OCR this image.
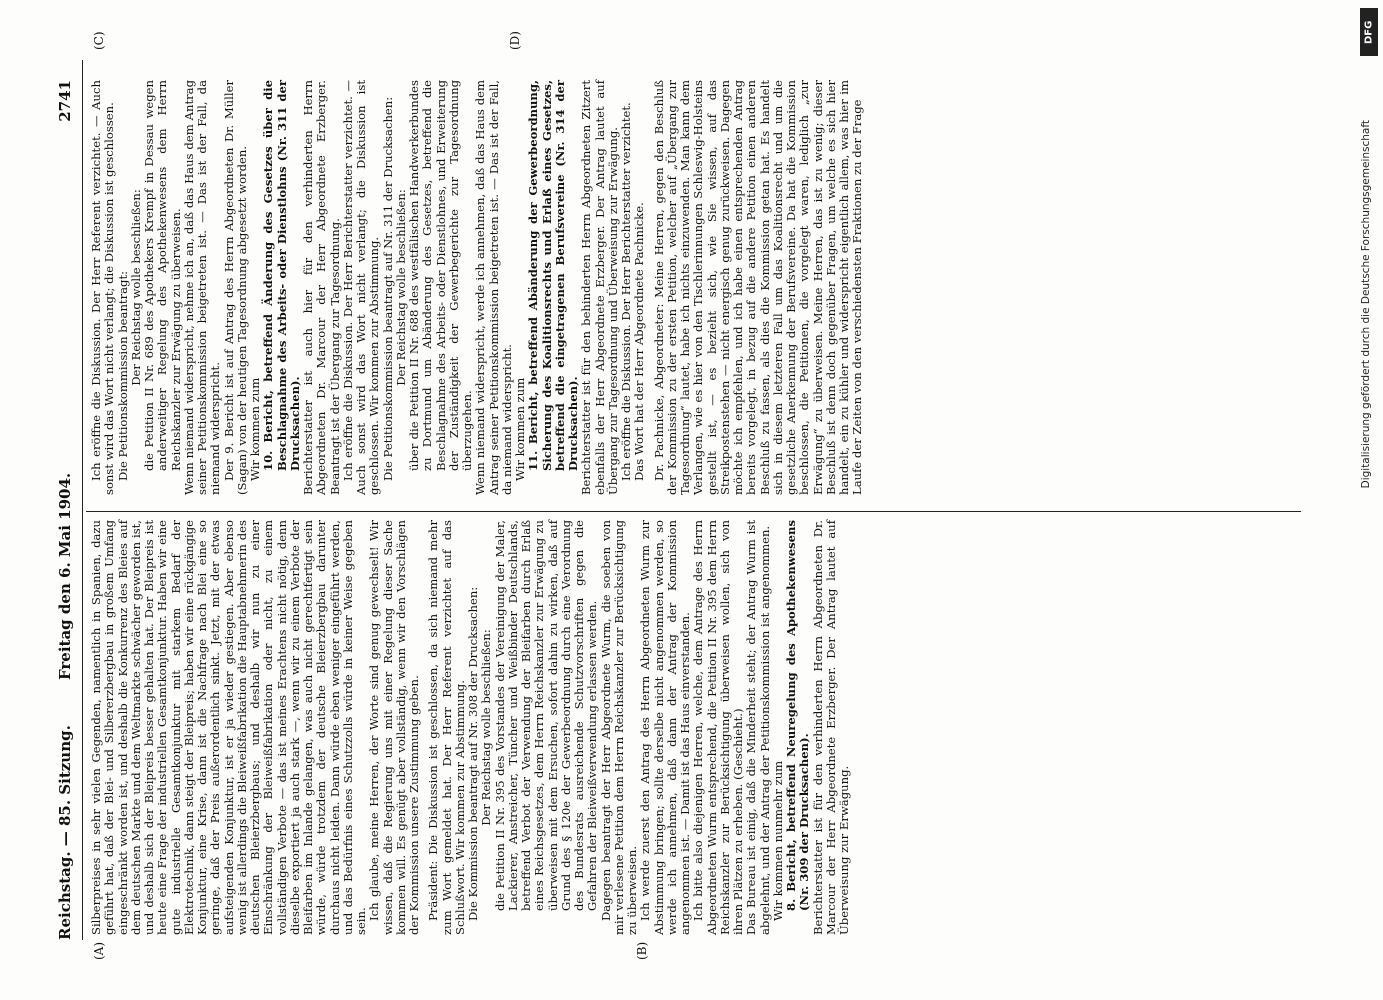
Reichstag. — 85. Sitzung.
Freitag den 6. Mai 1904.
2741
(A)	(B)
(C)	(D)

Silberpreises in sehr vielen Gegenden, namentlich in Spanien, dazu geführt hat, daß der Blei- und Silbererzbergbau in großem Umfang eingeschränkt worden ist, und deshalb die Konkurrenz des Bleies auf dem deutschen Markte und dem Weltmarkte schwächer geworden ist, und deshalb sich der Bleipreis besser gehalten hat. Der Bleipreis ist heute eine Frage der industriellen Gesamtkonjunktur. Haben wir eine gute industrielle Gesamtkonjunktur mit starkem Bedarf der Elektrotechnik, dann steigt der Bleipreis; haben wir eine rückgängige Konjunktur, eine Krise, dann ist die Nachfrage nach Blei eine so geringe, daß der Preis außerordentlich sinkt. Jetzt, mit der etwas aufsteigenden Konjunktur, ist er ja wieder gestiegen. Aber ebenso wenig ist allerdings die Bleiweißfabrikation die Hauptabnehmerin des deutschen Bleierzbergbaus; und deshalb wir nun zu einer Einschränkung der Bleiweißfabrikation oder nicht, zu einem vollständigen Verbote — das ist meines Erachtens nicht nötig, denn dieselbe exportiert ja auch stark —, wenn wir zu einem Verbote der Bleifarben im Inlande gelangen, was auch nicht gerechtfertigt sein würde, würde trotzdem der deutsche Bleierzbergbau darunter durchaus nicht leiden. Dann würde eben weniger eingeführt werden, und das Bedürfnis eines Schutzzolls würde in keiner Weise gegeben sein.

Ich glaube, meine Herren, der Worte sind genug gewechselt! Wir wissen, daß die Regierung uns mit einer Regelung dieser Sache kommen will. Es genügt aber vollständig, wenn wir den Vorschlägen der Kommission unsere Zustimmung geben. Präsident: Die Diskussion ist geschlossen, da sich niemand mehr zum Wort gemeldet hat. Der Herr Referent verzichtet auf das Schlußwort. Wir kommen zur Abstimmung. Die Kommission beantragt auf Nr. 308 der Drucksachen: Der Reichstag wolle beschließen: die Petition II Nr. 395 des Vorstandes der Vereinigung der Maler, Lackierer, Anstreicher, Tüncher und Weißbinder Deutschlands, betreffend Verbot der Verwendung der Bleifarben durch Erlaß eines Reichsgesetzes, dem Herrn Reichskanzler zur Erwägung zu überweisen mit dem Ersuchen, sofort dahin zu wirken, daß auf Grund des § 120e der Gewerbeordnung durch eine Verordnung des Bundesrats ausreichende Schutzvorschriften gegen die Gefahren der Bleiweißverwendung erlassen werden. Dagegen beantragt der Herr Abgeordnete Wurm, die soeben von mir verlesene Petition dem Herrn Reichskanzler zur Berücksichtigung zu überweisen. Ich werde zuerst den Antrag des Herrn Abgeordneten Wurm zur Abstimmung bringen; sollte derselbe nicht angenommen werden, so werde ich annehmen, daß dann der Antrag der Kommission angenommen ist. — Damit ist das Haus einverstanden. Ich bitte also diejenigen Herren, welche, dem Antrage des Herrn Abgeordneten Wurm entsprechend, die Petition II Nr. 395 dem Herrn Reichskanzler zur Berücksichtigung überweisen wollen, sich von ihren Plätzen zu erheben. (Geschieht.) Das Bureau ist einig, daß die Minderheit steht; der Antrag Wurm ist abgelehnt, und der Antrag der Petitionskommission ist angenommen. Wir kommen nunmehr zum 8. Bericht, betreffend Neuregelung des Apothekenwesens (Nr. 309 der Drucksachen). Berichterstatter ist für den verhinderten Herrn Abgeordneten Dr. Marcour der Herr Abgeordnete Erzberger. Der Antrag lautet auf Überweisung zur Erwägung.

Ich eröffne die Diskussion. Der Herr Referent verzichtet. — Auch sonst wird das Wort nicht verlangt; die Diskussion ist geschlossen. Die Petitionskommission beantragt: Der Reichstag wolle beschließen: die Petition II Nr. 689 des Apothekers Krempf in Dessau wegen anderweitiger Regelung des Apothekenwesens dem Herrn Reichskanzler zur Erwägung zu überweisen. Wenn niemand widerspricht, nehme ich an, daß das Haus dem Antrag seiner Petitionskommission beigetreten ist. — Das ist der Fall, da niemand widerspricht. Der 9. Bericht ist auf Antrag des Herrn Abgeordneten Dr. Müller (Sagan) von der heutigen Tagesordnung abgesetzt worden. Wir kommen zum 10. Bericht, betreffend Änderung des Gesetzes über die Beschlagnahme des Arbeits- oder Dienstlohns (Nr. 311 der Drucksachen). Berichterstatter ist auch hier für den verhinderten Herrn Abgeordneten Dr. Marcour der Herr Abgeordnete Erzberger. Beantragt ist der Übergang zur Tagesordnung. Ich eröffne die Diskussion. Der Herr Berichterstatter verzichtet. — Auch sonst wird das Wort nicht verlangt; die Diskussion ist geschlossen. Wir kommen zur Abstimmung. Die Petitionskommission beantragt auf Nr. 311 der Drucksachen: Der Reichstag wolle beschließen: über die Petition II Nr. 688 des westfälischen Handwerkerbundes zu Dortmund um Abänderung des Gesetzes, betreffend die Beschlagnahme des Arbeits- oder Dienstlohnes, und Erweiterung der Zuständigkeit der Gewerbegerichte zur Tagesordnung überzugehen. Wenn niemand widerspricht, werde ich annehmen, daß das Haus dem Antrag seiner Petitionskommission beigetreten ist. — Das ist der Fall, da niemand widerspricht. Wir kommen zum 11. Bericht, betreffend Abänderung der Gewerbeordnung, Sicherung des Koalitionsrechts und Erlaß eines Gesetzes, betreffend die eingetragenen Berufsvereine (Nr. 314 der Drucksachen). Berichterstatter ist für den behinderten Herrn Abgeordneten Zitzert ebenfalls der Herr Abgeordnete Erzberger. Der Antrag lautet auf Übergang zur Tagesordnung und Überweisung zur Erwägung. Ich eröffne die Diskussion. Der Herr Berichterstatter verzichtet. Das Wort hat der Herr Abgeordnete Pachnicke. Dr. Pachnicke, Abgeordneter: Meine Herren, gegen den Beschluß der Kommission zu der ersten Petition, welcher auf „Übergang zur Tagesordnung“ lautet, habe ich nichts einzuwenden. Man kann dem Verlangen, wie es hier von den Tischlerinnungen Schleswig-Holsteins gestellt ist, — es bezieht sich, wie Sie wissen, auf das Streikpostenstehen — nicht energisch genug zurückweisen. Dagegen möchte ich empfehlen, und ich habe einen entsprechenden Antrag bereits vorgelegt, in bezug auf die andere Petition einen anderen Beschluß zu fassen, als dies die Kommission getan hat. Es handelt sich in diesem letzteren Fall um das Koalitionsrecht und um die gesetzliche Anerkennung der Berufsvereine. Da hat die Kommission beschlossen, die Petitionen, die vorgelegt waren, lediglich „zur Erwägung“ zu überweisen. Meine Herren, das ist zu wenig; dieser Beschluß ist denn doch gegenüber Fragen, um welche es sich hier handelt, ein zu kühler und widerspricht eigentlich allem, was hier im Laufe der Zeiten von den verschiedensten Fraktionen zu der Frage

DFG
Digitalisierung gefördert durch die Deutsche Forschungsgemeinschaft
